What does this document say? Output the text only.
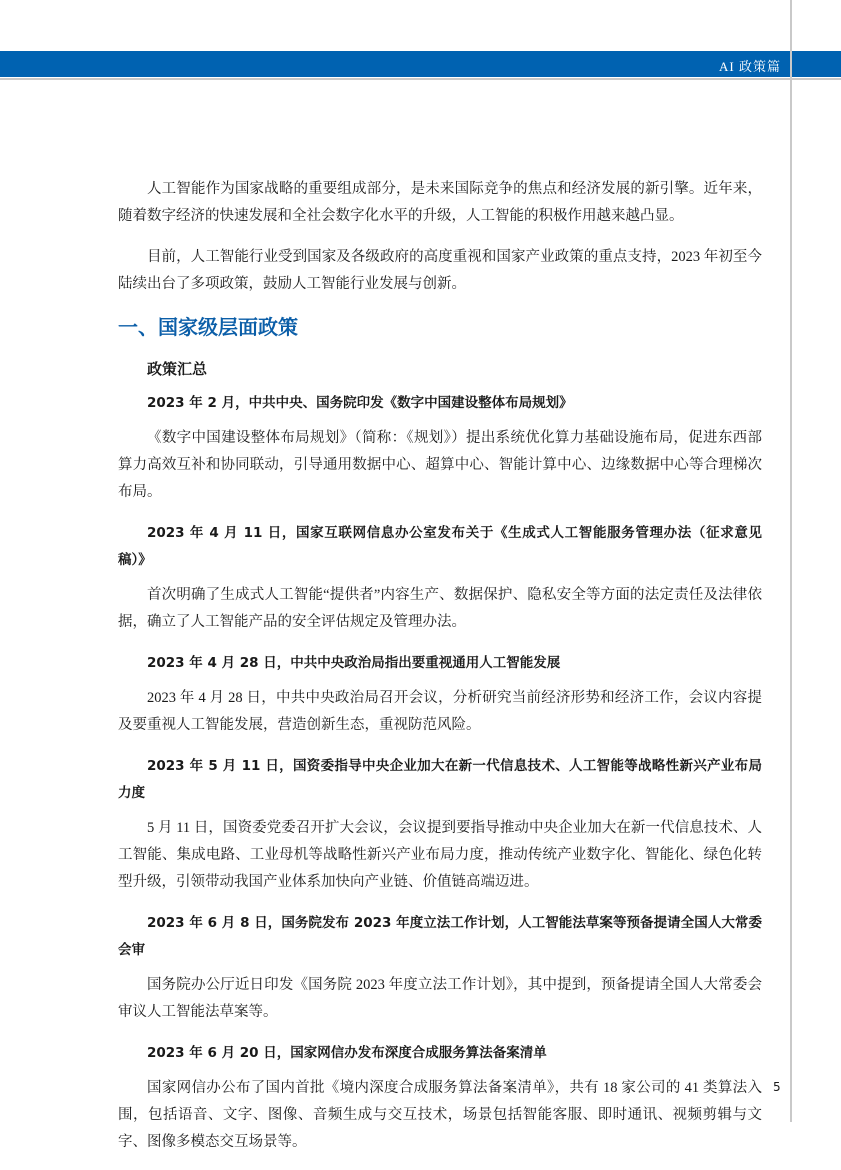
AI 政策篇

人工智能作为国家战略的重要组成部分，是未来国际竞争的焦点和经济发展的新引擎。近年来，随着数字经济的快速发展和全社会数字化水平的升级，人工智能的积极作用越来越凸显。

目前，人工智能行业受到国家及各级政府的高度重视和国家产业政策的重点支持，2023 年初至今陆续出台了多项政策，鼓励人工智能行业发展与创新。

一、国家级层面政策
政策汇总
2023 年 2 月，中共中央、国务院印发《数字中国建设整体布局规划》

《数字中国建设整体布局规划》（简称：《规划》）提出系统优化算力基础设施布局，促进东西部算力高效互补和协同联动，引导通用数据中心、超算中心、智能计算中心、边缘数据中心等合理梯次布局。

2023 年 4 月 11 日，国家互联网信息办公室发布关于《生成式人工智能服务管理办法（征求意见稿）》

首次明确了生成式人工智能“提供者”内容生产、数据保护、隐私安全等方面的法定责任及法律依据，确立了人工智能产品的安全评估规定及管理办法。

2023 年 4 月 28 日，中共中央政治局指出要重视通用人工智能发展

2023 年 4 月 28 日，中共中央政治局召开会议，分析研究当前经济形势和经济工作，会议内容提及要重视人工智能发展，营造创新生态，重视防范风险。

2023 年 5 月 11 日，国资委指导中央企业加大在新一代信息技术、人工智能等战略性新兴产业布局力度

5 月 11 日，国资委党委召开扩大会议，会议提到要指导推动中央企业加大在新一代信息技术、人工智能、集成电路、工业母机等战略性新兴产业布局力度，推动传统产业数字化、智能化、绿色化转型升级，引领带动我国产业体系加快向产业链、价值链高端迈进。

2023 年 6 月 8 日，国务院发布 2023 年度立法工作计划，人工智能法草案等预备提请全国人大常委会审

国务院办公厅近日印发《国务院 2023 年度立法工作计划》，其中提到，预备提请全国人大常委会审议人工智能法草案等。

2023 年 6 月 20 日，国家网信办发布深度合成服务算法备案清单

国家网信办公布了国内首批《境内深度合成服务算法备案清单》，共有 18 家公司的 41 类算法入围，包括语音、文字、图像、音频生成与交互技术，场景包括智能客服、即时通讯、视频剪辑与文字、图像多模态交互场景等。

5
